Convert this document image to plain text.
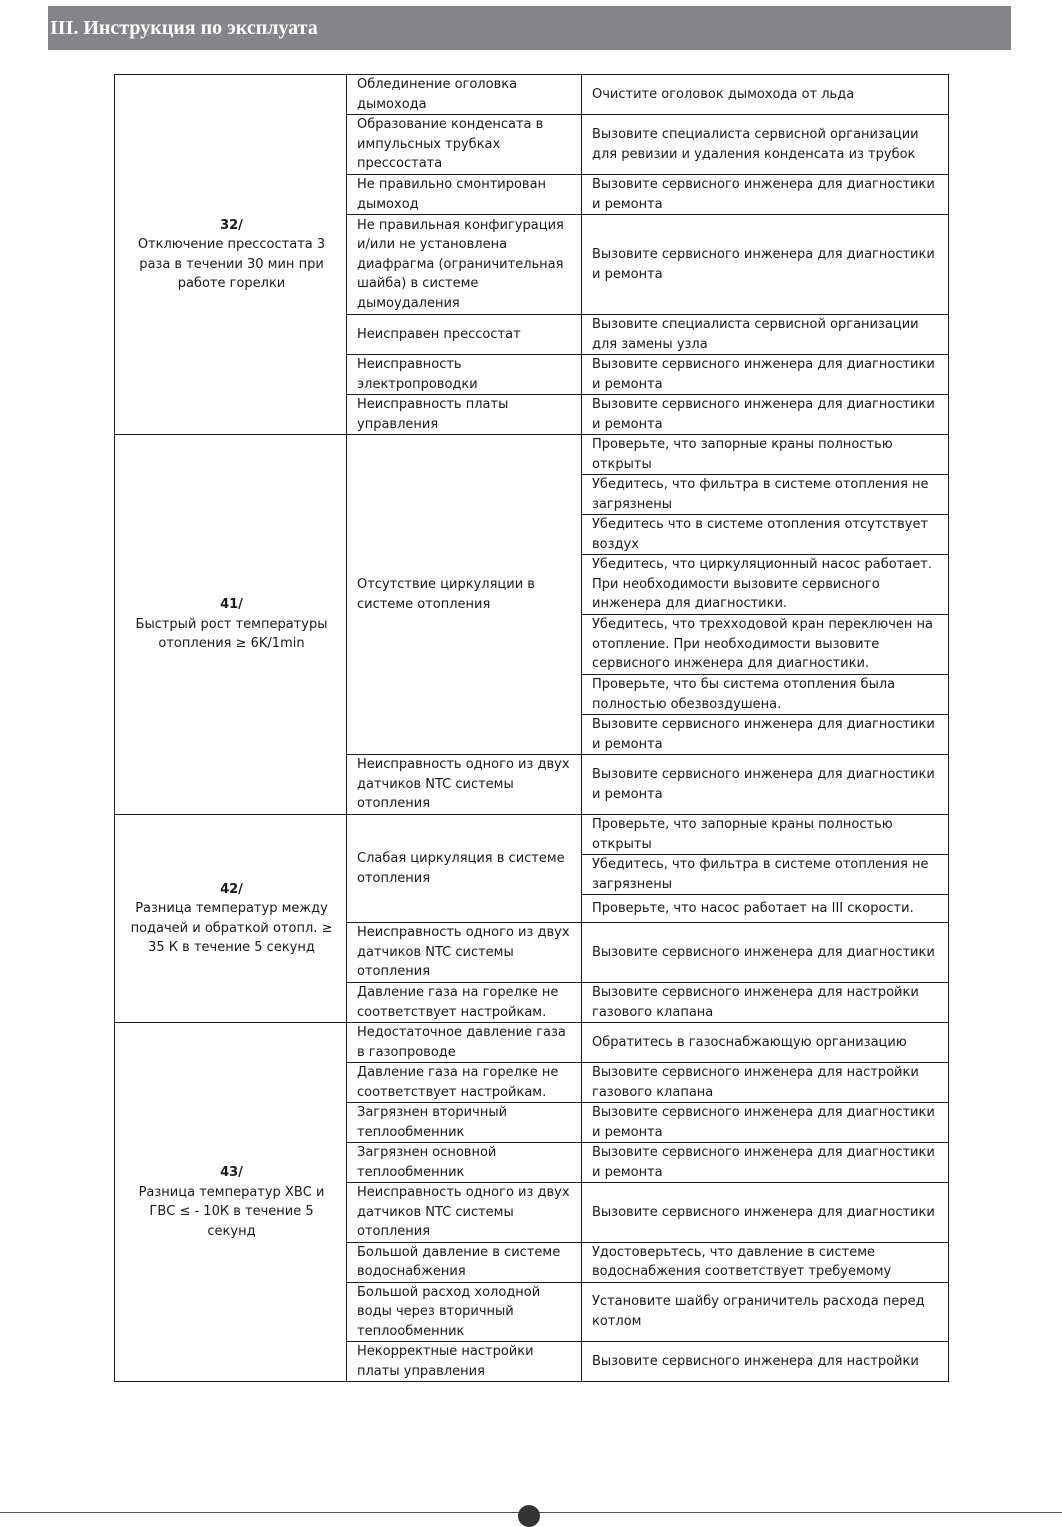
III. Инструкция по эксплуата
32/
Отключение прессостата 3 раза в течении 30 мин при работе горелки	Облединение оголовка дымохода	Очистите оголовок дымохода от льда
	Образование конденсата в импульсных трубках прессостата	Вызовите специалиста сервисной организации для ревизии и удаления конденсата из трубок
	Не правильно смонтирован дымоход	Вызовите сервисного инженера для диагностики и ремонта
	Не правильная конфигурация и/или не установлена диафрагма (ограничительная шайба) в системе дымоудаления	Вызовите сервисного инженера для диагностики и ремонта
	Неисправен прессостат	Вызовите специалиста сервисной организации для замены узла
	Неисправность электропроводки	Вызовите сервисного инженера для диагностики и ремонта
	Неисправность платы управления	Вызовите сервисного инженера для диагностики и ремонта

41/
Быстрый рост температуры отопления ≥ 6K/1min	Отсутствие циркуляции в системе отопления	Проверьте, что запорные краны полностью открыты
		Убедитесь, что фильтра в системе отопления не загрязнены
		Убедитесь что в системе отопления отсутствует воздух
		Убедитесь, что циркуляционный насос работает. При необходимости вызовите сервисного инженера для диагностики.
		Убедитесь, что трехходовой кран переключен на отопление. При необходимости вызовите сервисного инженера для диагностики.
		Проверьте, что бы система отопления была полностью обезвоздушена.
		Вызовите сервисного инженера для диагностики и ремонта
	Неисправность одного из двух датчиков NTC системы отопления	Вызовите сервисного инженера для диагностики и ремонта

42/
Разница температур между подачей и обраткой отопл. ≥ 35 К в течение 5 секунд	Слабая циркуляция в системе отопления	Проверьте, что запорные краны полностью открыты
		Убедитесь, что фильтра в системе отопления не загрязнены
		Проверьте, что насос работает на III скорости.
	Неисправность одного из двух датчиков NTC системы отопления	Вызовите сервисного инженера для диагностики
	Давление газа на горелке не соответствует настройкам.	Вызовите сервисного инженера для настройки газового клапана

43/
Разница температур ХВС и ГВС ≤ - 10К в течение 5 секунд	Недостаточное давление газа в газопроводе	Обратитесь в газоснабжающую организацию
	Давление газа на горелке не соответствует настройкам.	Вызовите сервисного инженера для настройки газового клапана
	Загрязнен вторичный теплообменник	Вызовите сервисного инженера для диагностики и ремонта
	Загрязнен основной теплообменник	Вызовите сервисного инженера для диагностики и ремонта
	Неисправность одного из двух датчиков NTC системы отопления	Вызовите сервисного инженера для диагностики
	Большой давление в системе водоснабжения	Удостоверьтесь, что давление в системе водоснабжения соответствует требуемому
	Большой расход холодной воды через вторичный теплообменник	Установите шайбу ограничитель расхода перед котлом
	Некорректные настройки платы управления	Вызовите сервисного инженера для настройки
